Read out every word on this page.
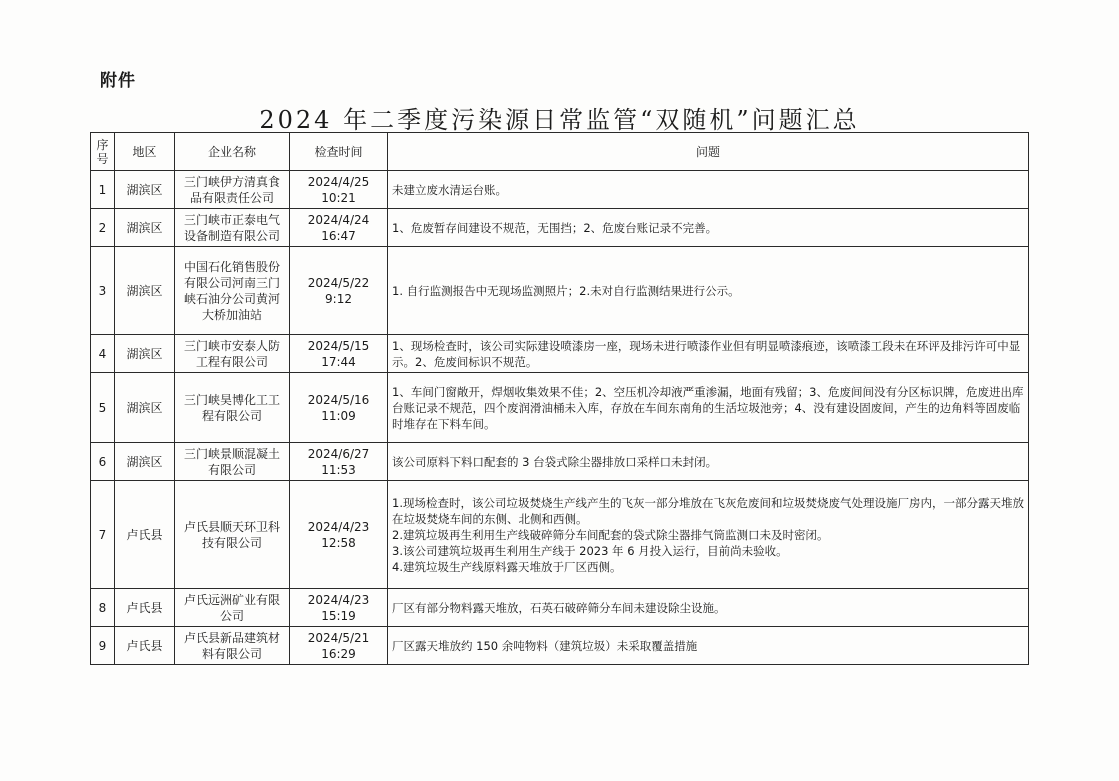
附件
2024 年二季度污染源日常监管“双随机”问题汇总
序号	地区	企业名称	检查时间	问题
1	湖滨区	三门峡伊方清真食品有限责任公司	2024/4/25 10:21	未建立废水清运台账。
2	湖滨区	三门峡市正泰电气设备制造有限公司	2024/4/24 16:47	1、危废暂存间建设不规范，无围挡；2、危废台账记录不完善。
3	湖滨区	中国石化销售股份有限公司河南三门峡石油分公司黄河大桥加油站	2024/5/22 9:12	1. 自行监测报告中无现场监测照片；2.未对自行监测结果进行公示。
4	湖滨区	三门峡市安泰人防工程有限公司	2024/5/15 17:44	1、现场检查时，该公司实际建设喷漆房一座，现场未进行喷漆作业但有明显喷漆痕迹，该喷漆工段未在环评及排污许可中显示。2、危废间标识不规范。
5	湖滨区	三门峡昊博化工工程有限公司	2024/5/16 11:09	1、车间门窗敞开，焊烟收集效果不佳；2、空压机冷却液严重渗漏，地面有残留；3、危废间间没有分区标识牌，危废进出库台账记录不规范，四个废润滑油桶未入库，存放在车间东南角的生活垃圾池旁；4、没有建设固废间，产生的边角料等固废临时堆存在下料车间。
6	湖滨区	三门峡景顺混凝土有限公司	2024/6/27 11:53	该公司原料下料口配套的 3 台袋式除尘器排放口采样口未封闭。
7	卢氏县	卢氏县顺天环卫科技有限公司	2024/4/23 12:58	1.现场检查时，该公司垃圾焚烧生产线产生的飞灰一部分堆放在飞灰危废间和垃圾焚烧废气处理设施厂房内，一部分露天堆放在垃圾焚烧车间的东侧、北侧和西侧。
2.建筑垃圾再生利用生产线破碎筛分车间配套的袋式除尘器排气筒监测口未及时密闭。
3.该公司建筑垃圾再生利用生产线于 2023 年 6 月投入运行，目前尚未验收。
4.建筑垃圾生产线原料露天堆放于厂区西侧。
8	卢氏县	卢氏远洲矿业有限公司	2024/4/23 15:19	厂区有部分物料露天堆放，石英石破碎筛分车间未建设除尘设施。
9	卢氏县	卢氏县新品建筑材料有限公司	2024/5/21 16:29	厂区露天堆放约 150 余吨物料（建筑垃圾）未采取覆盖措施
